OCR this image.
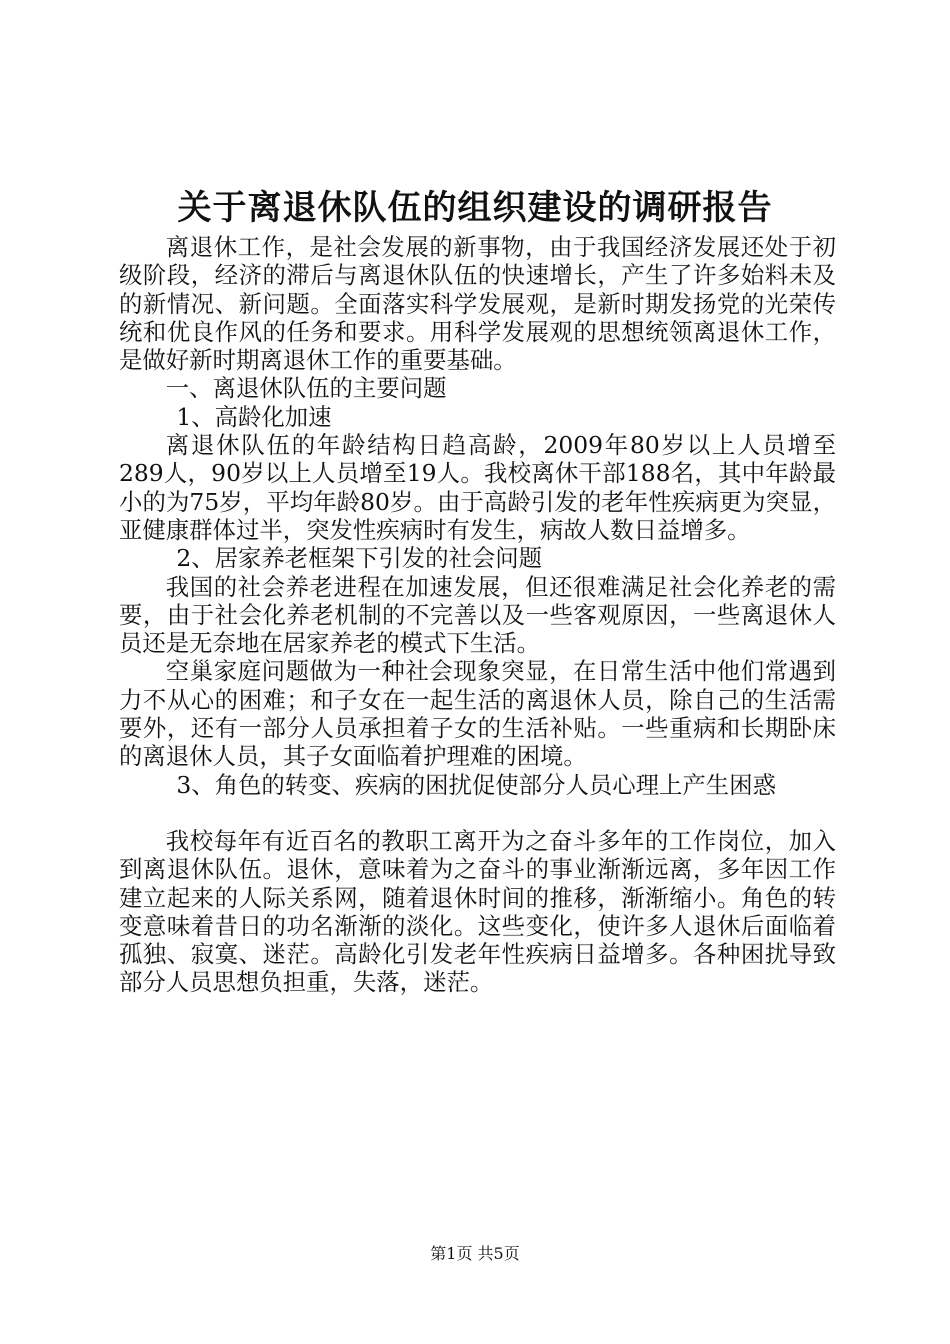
关于离退休队伍的组织建设的调研报告

离退休工作，是社会发展的新事物，由于我国经济发展还处于初级阶段，经济的滞后与离退休队伍的快速增长，产生了许多始料未及的新情况、新问题。全面落实科学发展观，是新时期发扬党的光荣传统和优良作风的任务和要求。用科学发展观的思想统领离退休工作，是做好新时期离退休工作的重要基础。

一、离退休队伍的主要问题

1、高龄化加速

离退休队伍的年龄结构日趋高龄，2009年80岁以上人员增至289人，90岁以上人员增至19人。我校离休干部188名，其中年龄最小的为75岁，平均年龄80岁。由于高龄引发的老年性疾病更为突显，亚健康群体过半，突发性疾病时有发生，病故人数日益增多。

2、居家养老框架下引发的社会问题

我国的社会养老进程在加速发展，但还很难满足社会化养老的需要，由于社会化养老机制的不完善以及一些客观原因，一些离退休人员还是无奈地在居家养老的模式下生活。

空巢家庭问题做为一种社会现象突显，在日常生活中他们常遇到力不从心的困难；和子女在一起生活的离退休人员，除自己的生活需要外，还有一部分人员承担着子女的生活补贴。一些重病和长期卧床的离退休人员，其子女面临着护理难的困境。

3、角色的转变、疾病的困扰促使部分人员心理上产生困惑

我校每年有近百名的教职工离开为之奋斗多年的工作岗位，加入到离退休队伍。退休，意味着为之奋斗的事业渐渐远离，多年因工作建立起来的人际关系网，随着退休时间的推移，渐渐缩小。角色的转变意味着昔日的功名渐渐的淡化。这些变化，使许多人退休后面临着孤独、寂寞、迷茫。高龄化引发老年性疾病日益增多。各种困扰导致部分人员思想负担重，失落，迷茫。

第1页 共5页
